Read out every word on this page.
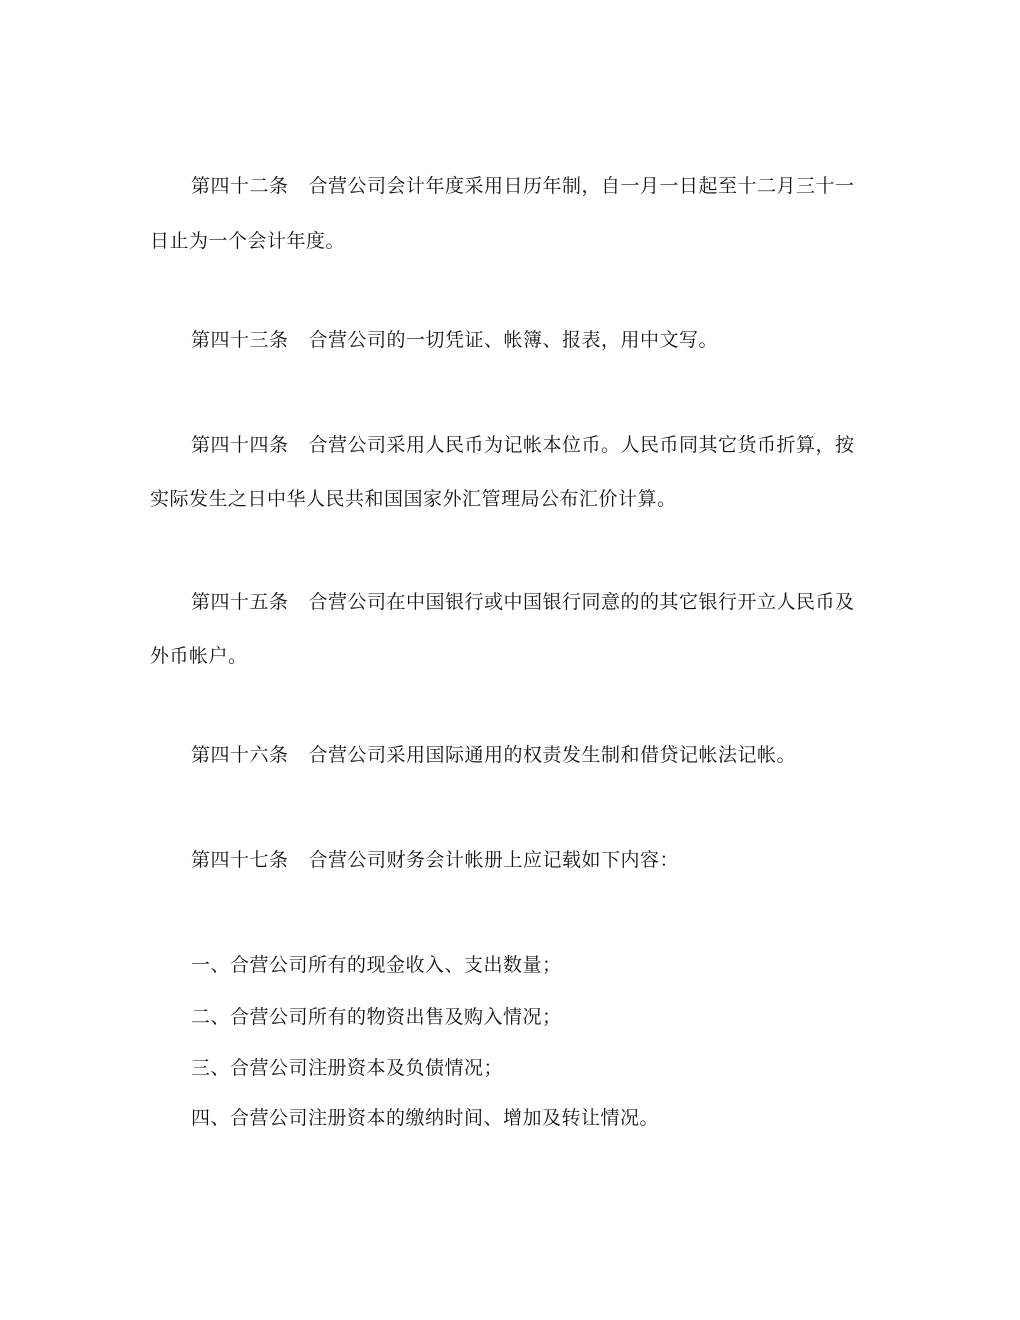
第四十二条 合营公司会计年度采用日历年制，自一月一日起至十二月三十一
日止为一个会计年度。
第四十三条 合营公司的一切凭证、帐簿、报表，用中文写。
第四十四条 合营公司采用人民币为记帐本位币。人民币同其它货币折算，按
实际发生之日中华人民共和国国家外汇管理局公布汇价计算。
第四十五条 合营公司在中国银行或中国银行同意的的其它银行开立人民币及
外币帐户。
第四十六条 合营公司采用国际通用的权责发生制和借贷记帐法记帐。
第四十七条 合营公司财务会计帐册上应记载如下内容：
一、合营公司所有的现金收入、支出数量；
二、合营公司所有的物资出售及购入情况；
三、合营公司注册资本及负债情况；
四、合营公司注册资本的缴纳时间、增加及转让情况。
